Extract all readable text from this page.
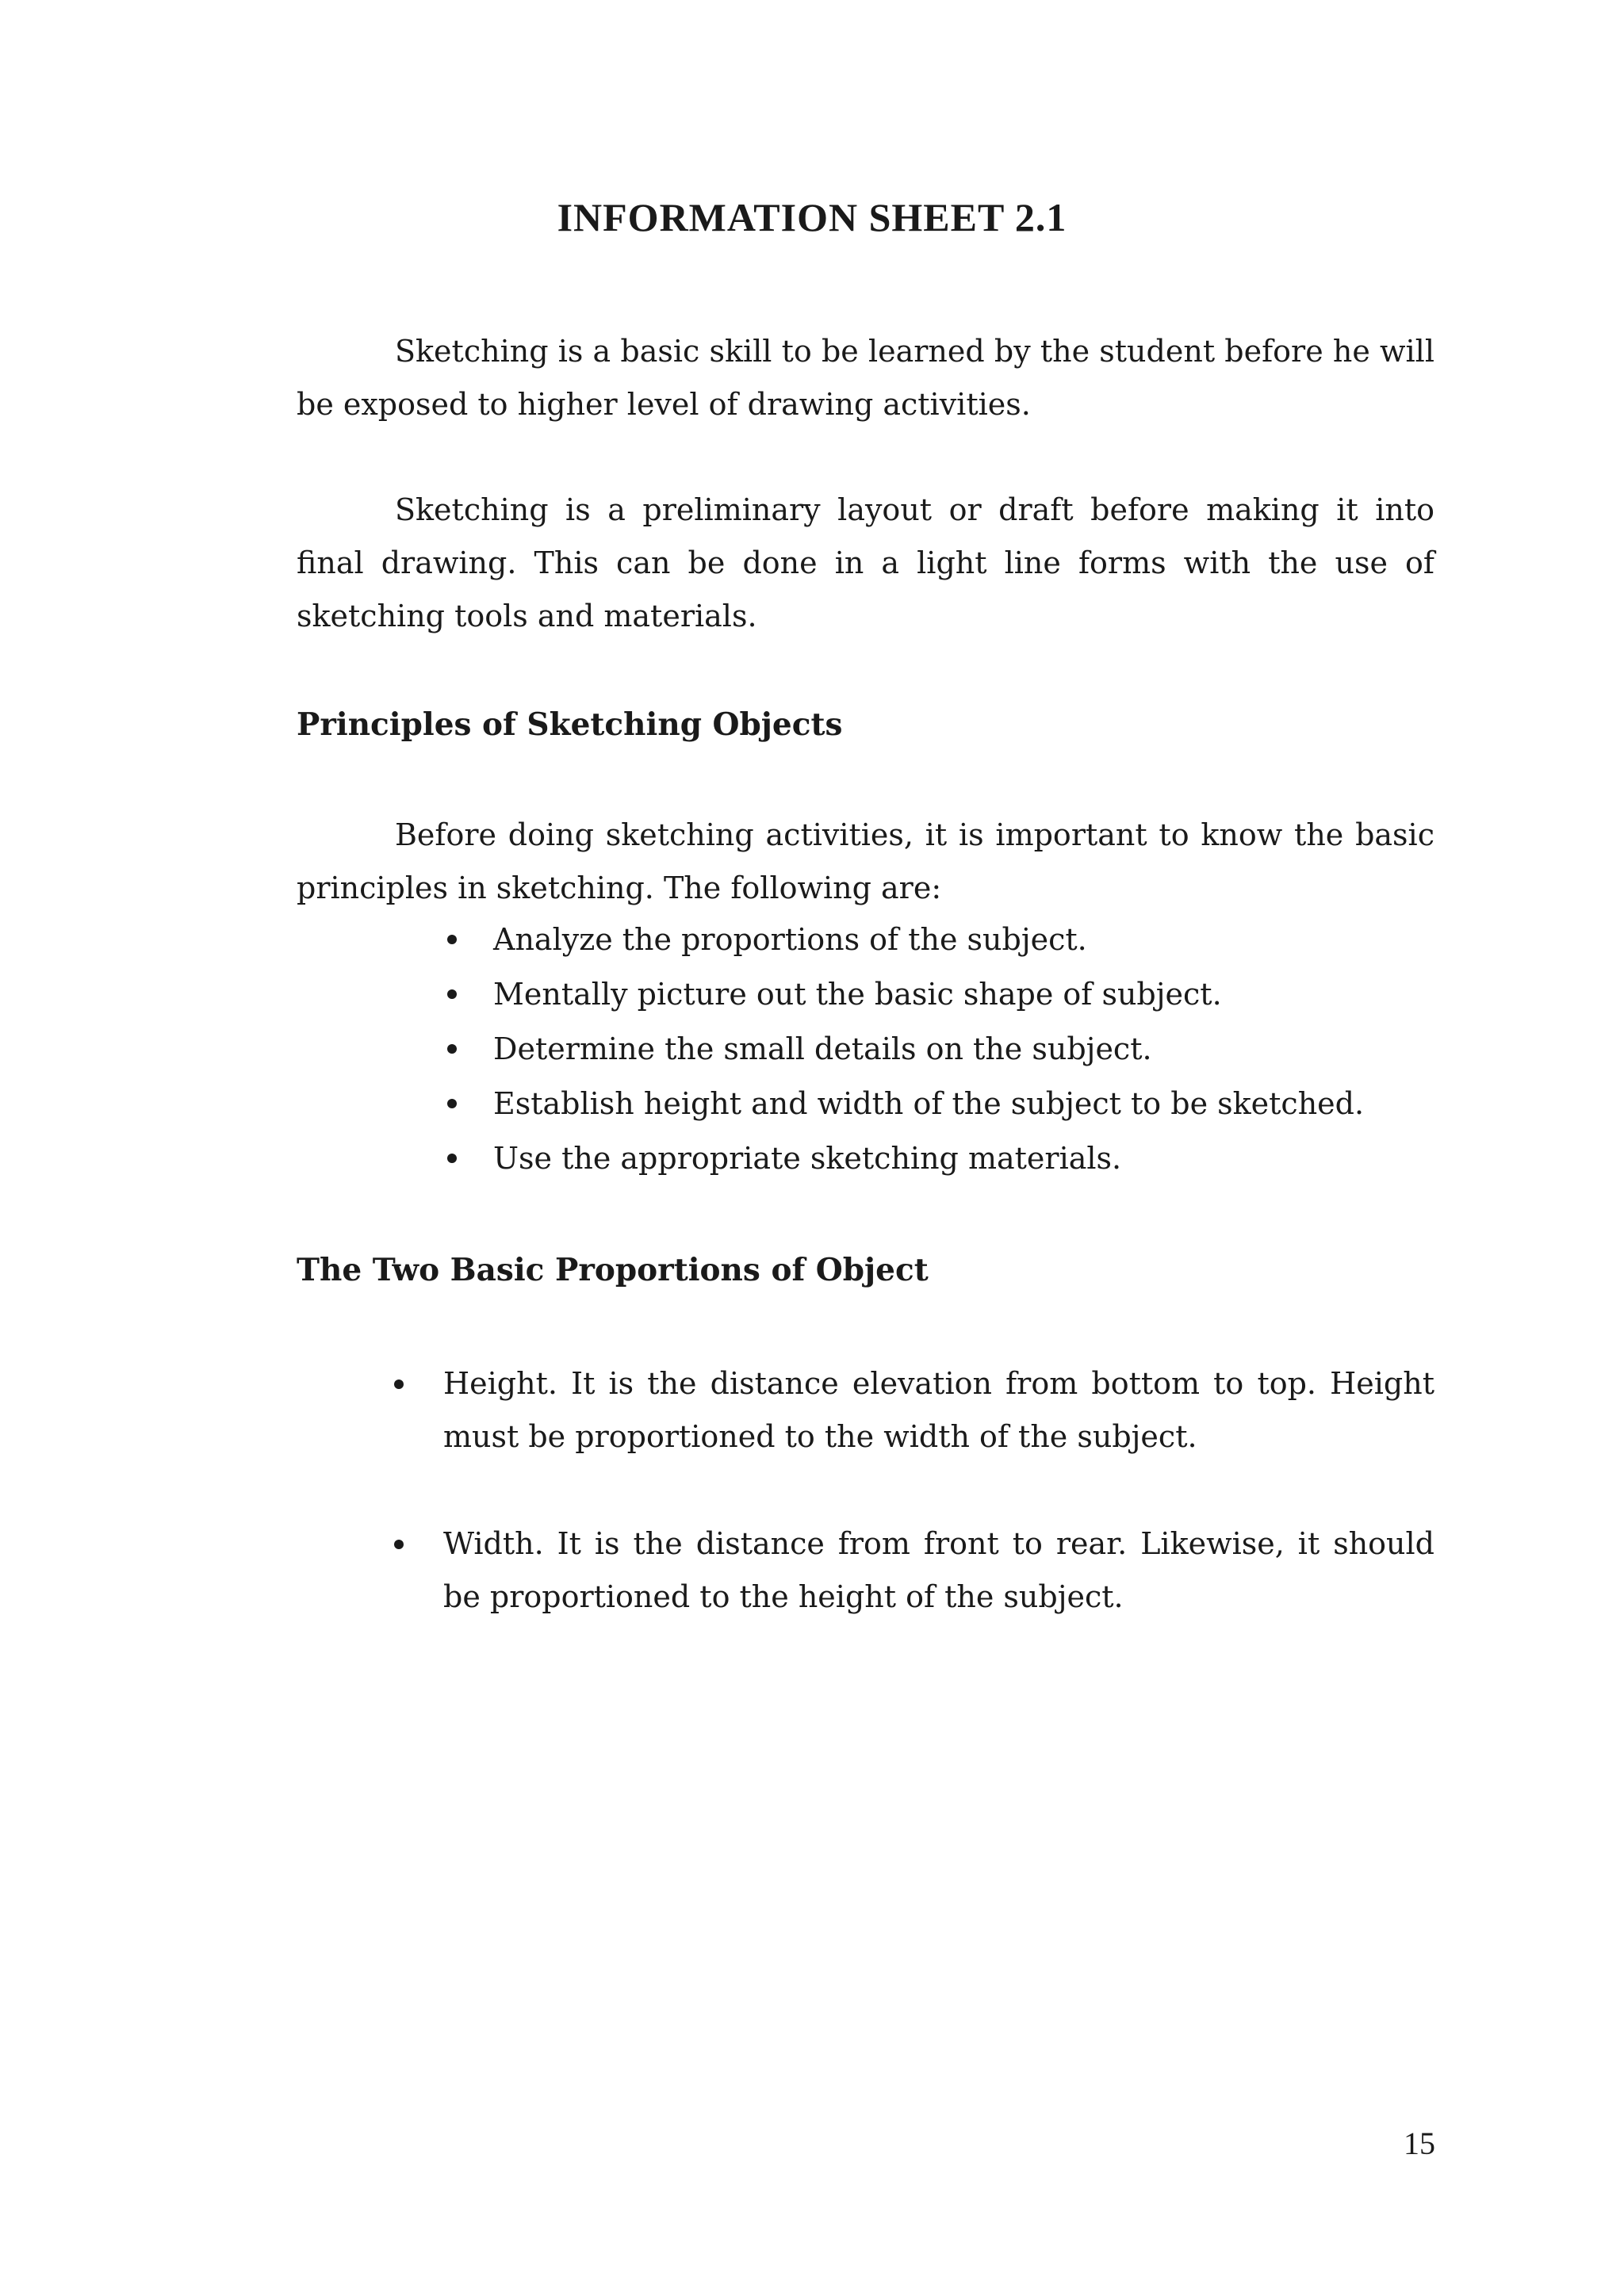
INFORMATION SHEET 2.1

Sketching is a basic skill to be learned by the student before he will be exposed to higher level of drawing activities.

Sketching is a preliminary layout or draft before making it into final drawing. This can be done in a light line forms with the use of sketching tools and materials.

Principles of Sketching Objects

Before doing sketching activities, it is important to know the basic principles in sketching. The following are:

Analyze the proportions of the subject.
Mentally picture out the basic shape of subject.
Determine the small details on the subject.
Establish height and width of the subject to be sketched.
Use the appropriate sketching materials.
The Two Basic Proportions of Object
Height. It is the distance elevation from bottom to top. Height must be proportioned to the width of the subject.
Width. It is the distance from front to rear. Likewise, it should be proportioned to the height of the subject.

15
